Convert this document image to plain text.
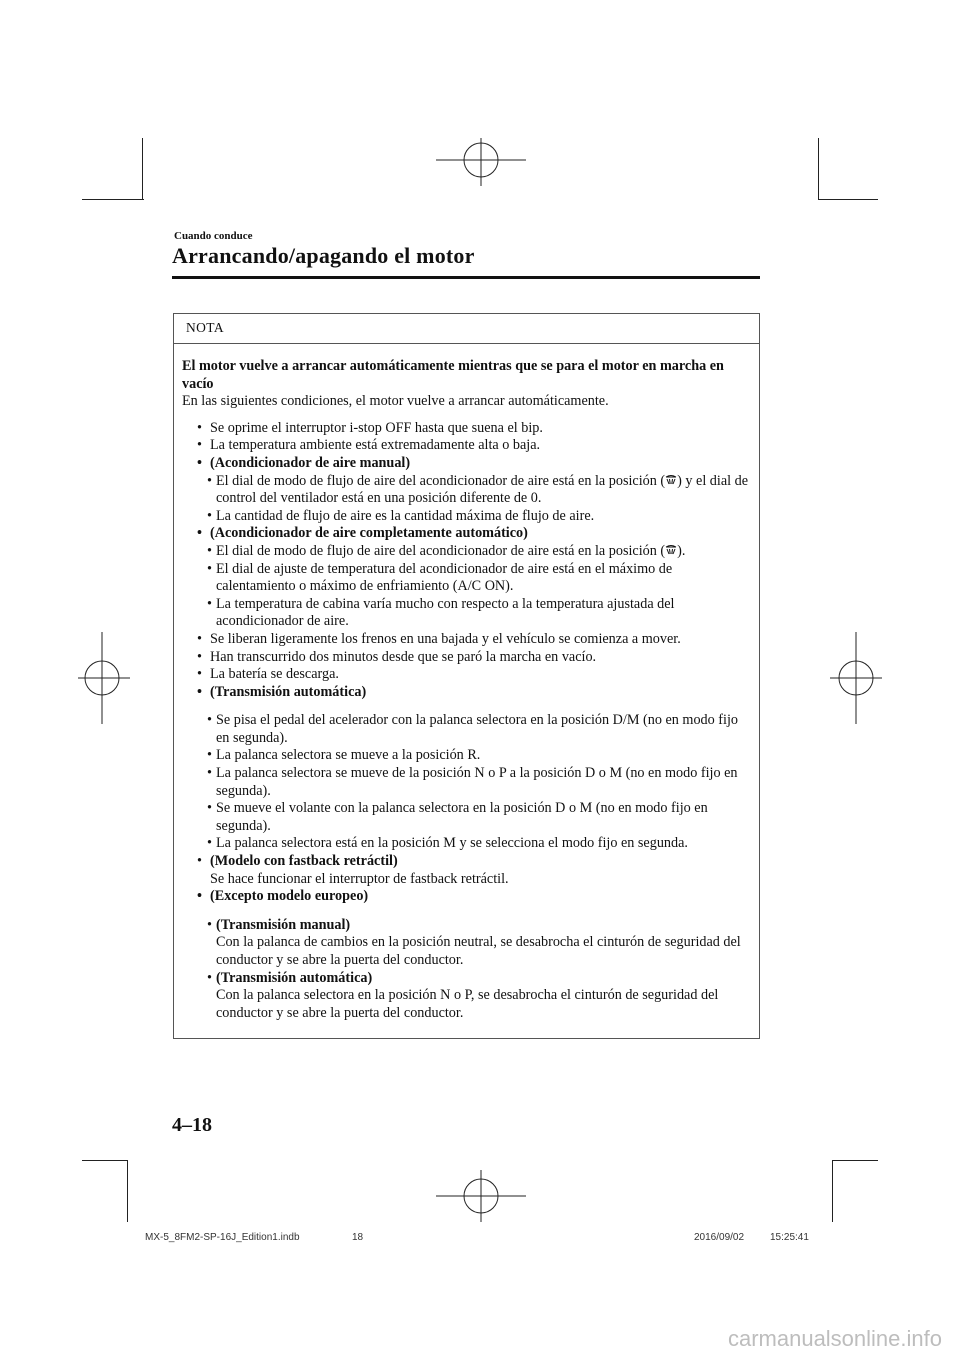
Cuando conduce
Arrancando/apagando el motor
NOTA

El motor vuelve a arrancar automáticamente mientras que se para el motor en marcha en vacío

En las siguientes condiciones, el motor vuelve a arrancar automáticamente.

• Se oprime el interruptor i-stop OFF hasta que suena el bip.
• La temperatura ambiente está extremadamente alta o baja.
• (Acondicionador de aire manual)
• El dial de modo de flujo de aire del acondicionador de aire está en la posición ( ) y el dial de control del ventilador está en una posición diferente de 0.
• La cantidad de flujo de aire es la cantidad máxima de flujo de aire.
• (Acondicionador de aire completamente automático)
• El dial de modo de flujo de aire del acondicionador de aire está en la posición ( ).
• El dial de ajuste de temperatura del acondicionador de aire está en el máximo de calentamiento o máximo de enfriamiento (A/C ON).
• La temperatura de cabina varía mucho con respecto a la temperatura ajustada del acondicionador de aire.
• Se liberan ligeramente los frenos en una bajada y el vehículo se comienza a mover.
• Han transcurrido dos minutos desde que se paró la marcha en vacío.
• La batería se descarga.
• (Transmisión automática)
• Se pisa el pedal del acelerador con la palanca selectora en la posición D/M (no en modo fijo en segunda).
• La palanca selectora se mueve a la posición R.
• La palanca selectora se mueve de la posición N o P a la posición D o M (no en modo fijo en segunda).
• Se mueve el volante con la palanca selectora en la posición D o M (no en modo fijo en segunda).
• La palanca selectora está en la posición M y se selecciona el modo fijo en segunda.
• (Modelo con fastback retráctil)
Se hace funcionar el interruptor de fastback retráctil.
• (Excepto modelo europeo)
• (Transmisión manual)
Con la palanca de cambios en la posición neutral, se desabrocha el cinturón de seguridad del conductor y se abre la puerta del conductor.
• (Transmisión automática)
Con la palanca selectora en la posición N o P, se desabrocha el cinturón de seguridad del conductor y se abre la puerta del conductor.
4–18
MX-5_8FM2-SP-16J_Edition1.indb	18	2016/09/02	15:25:41
carmanualsonline.info
